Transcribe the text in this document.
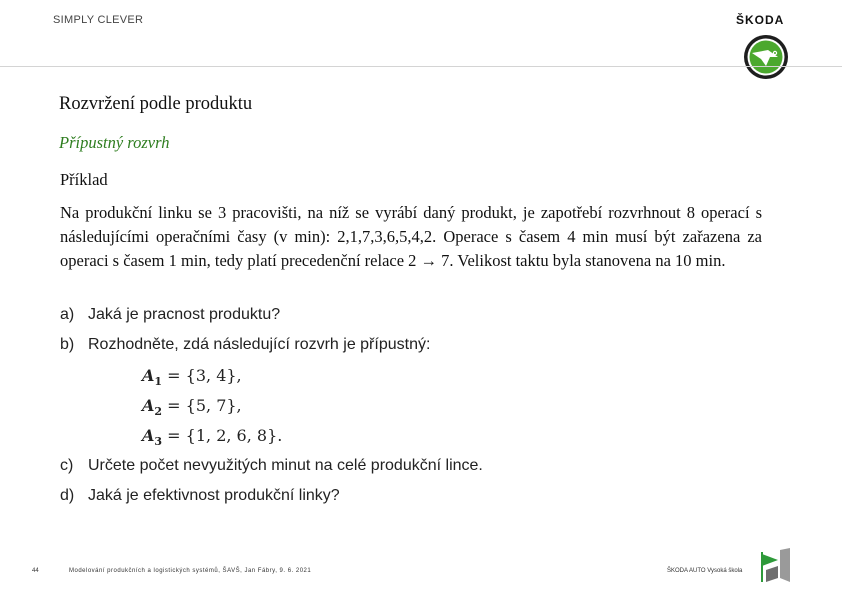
SIMPLY CLEVER	ŠKODA
Rozvržení podle produktu
Přípustný rozvrh
Příklad
Na produkční linku se 3 pracovišti, na níž se vyrábí daný produkt, je zapotřebí rozvrhnout 8 operací s následujícími operačními časy (v min): 2,1,7,3,6,5,4,2. Operace s časem 4 min musí být zařazena za operaci s časem 1 min, tedy platí precedenční relace 2 → 7. Velikost taktu byla stanovena na 10 min.
a) Jaká je pracnost produktu?
b) Rozhodněte, zdá následující rozvrh je přípustný:
$A_1 = \{3$, 4},
$A_2 = \{5$, 7},
$A_3 = \{1$, 2, 6, 8}.
c) Určete počet nevyužitých minut na celé produkční lince.
d) Jaká je efektivnost produkční linky?
44	Modelování produkčních a logistických systémů, ŠAVŠ, Jan Fábry, 9. 6. 2021	ŠKODA AUTO Vysoká škola
